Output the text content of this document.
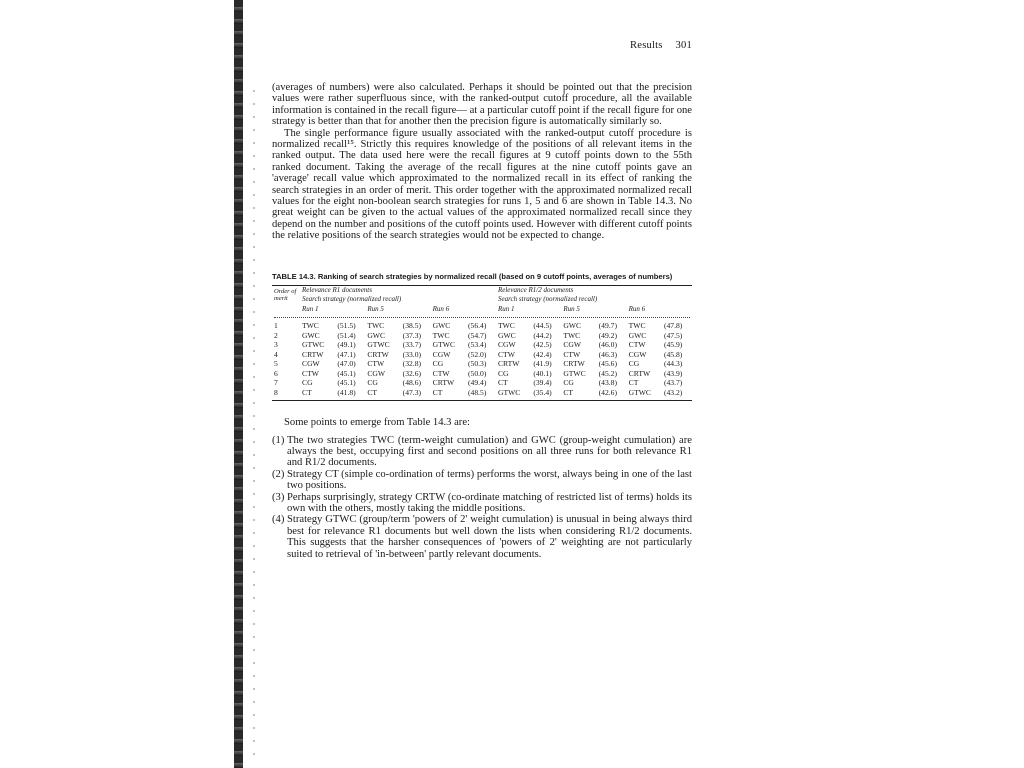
Results 301

(averages of numbers) were also calculated. Perhaps it should be pointed out that the precision values were rather superfluous since, with the ranked-output cutoff procedure, all the available information is contained in the recall figure— at a particular cutoff point if the recall figure for one strategy is better than that for another then the precision figure is automatically similarly so.

The single performance figure usually associated with the ranked-output cutoff procedure is normalized recall¹⁵. Strictly this requires knowledge of the positions of all relevant items in the ranked output. The data used here were the recall figures at 9 cutoff points down to the 55th ranked document. Taking the average of the recall figures at the nine cutoff points gave an 'average' recall value which approximated to the normalized recall in its effect of ranking the search strategies in an order of merit. This order together with the approximated normalized recall values for the eight non-boolean search strategies for runs 1, 5 and 6 are shown in Table 14.3. No great weight can be given to the actual values of the approximated normalized recall since they depend on the number and positions of the cutoff points used. However with different cutoff points the relative positions of the search strategies would not be expected to change.

TABLE 14.3. Ranking of search strategies by normalized recall (based on 9 cutoff points, averages of numbers)
Order of merit	Relevance R1 documents						Relevance R1/2 documents					
	Search strategy (normalized recall)						Search strategy (normalized recall)					
	Run 1		Run 5		Run 6		Run 1		Run 5		Run 6	

1	TWC	(51.5)	TWC	(38.5)	GWC	(56.4)	TWC	(44.5)	GWC	(49.7)	TWC	(47.8)
2	GWC	(51.4)	GWC	(37.3)	TWC	(54.7)	GWC	(44.2)	TWC	(49.2)	GWC	(47.5)
3	GTWC	(49.1)	GTWC	(33.7)	GTWC	(53.4)	CGW	(42.5)	CGW	(46.0)	CTW	(45.9)
4	CRTW	(47.1)	CRTW	(33.0)	CGW	(52.0)	CTW	(42.4)	CTW	(46.3)	CGW	(45.8)
5	CGW	(47.0)	CTW	(32.8)	CG	(50.3)	CRTW	(41.9)	CRTW	(45.6)	CG	(44.3)
6	CTW	(45.1)	CGW	(32.6)	CTW	(50.0)	CG	(40.1)	GTWC	(45.2)	CRTW	(43.9)
7	CG	(45.1)	CG	(48.6)	CRTW	(49.4)	CT	(39.4)	CG	(43.8)	CT	(43.7)
8	CT	(41.8)	CT	(47.3)	CT	(48.5)	GTWC	(35.4)	CT	(42.6)	GTWC	(43.2)

Some points to emerge from Table 14.3 are:

(1) The two strategies TWC (term-weight cumulation) and GWC (group-weight cumulation) are always the best, occupying first and second positions on all three runs for both relevance R1 and R1/2 documents.
(2) Strategy CT (simple co-ordination of terms) performs the worst, always being in one of the last two positions.
(3) Perhaps surprisingly, strategy CRTW (co-ordinate matching of restricted list of terms) holds its own with the others, mostly taking the middle positions.
(4) Strategy GTWC (group/term 'powers of 2' weight cumulation) is unusual in being always third best for relevance R1 documents but well down the lists when considering R1/2 documents. This suggests that the harsher consequences of 'powers of 2' weighting are not particularly suited to retrieval of 'in-between' partly relevant documents.
